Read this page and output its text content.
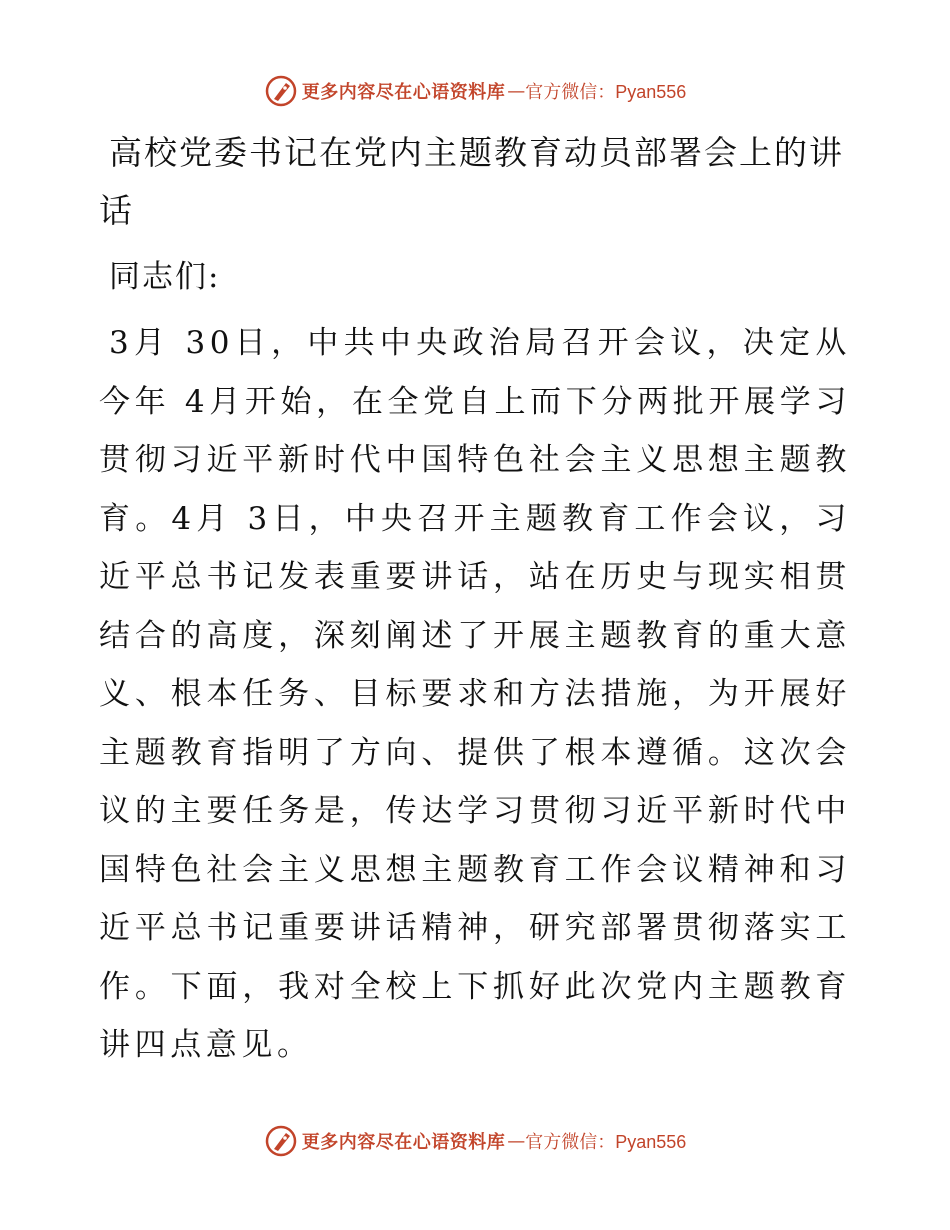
更多内容尽在心语资料库 — 官方微信：Pyan556
高校党委书记在党内主题教育动员部署会上的讲话

同志们:

3月 30日，中共中央政治局召开会议，决定从今年 4月开始，在全党自上而下分两批开展学习贯彻习近平新时代中国特色社会主义思想主题教育。4月 3日，中央召开主题教育工作会议，习近平总书记发表重要讲话，站在历史与现实相贯结合的高度，深刻阐述了开展主题教育的重大意义、根本任务、目标要求和方法措施，为开展好主题教育指明了方向、提供了根本遵循。这次会议的主要任务是，传达学习贯彻习近平新时代中国特色社会主义思想主题教育工作会议精神和习近平总书记重要讲话精神，研究部署贯彻落实工作。下面，我对全校上下抓好此次党内主题教育讲四点意见。

更多内容尽在心语资料库 — 官方微信：Pyan556
